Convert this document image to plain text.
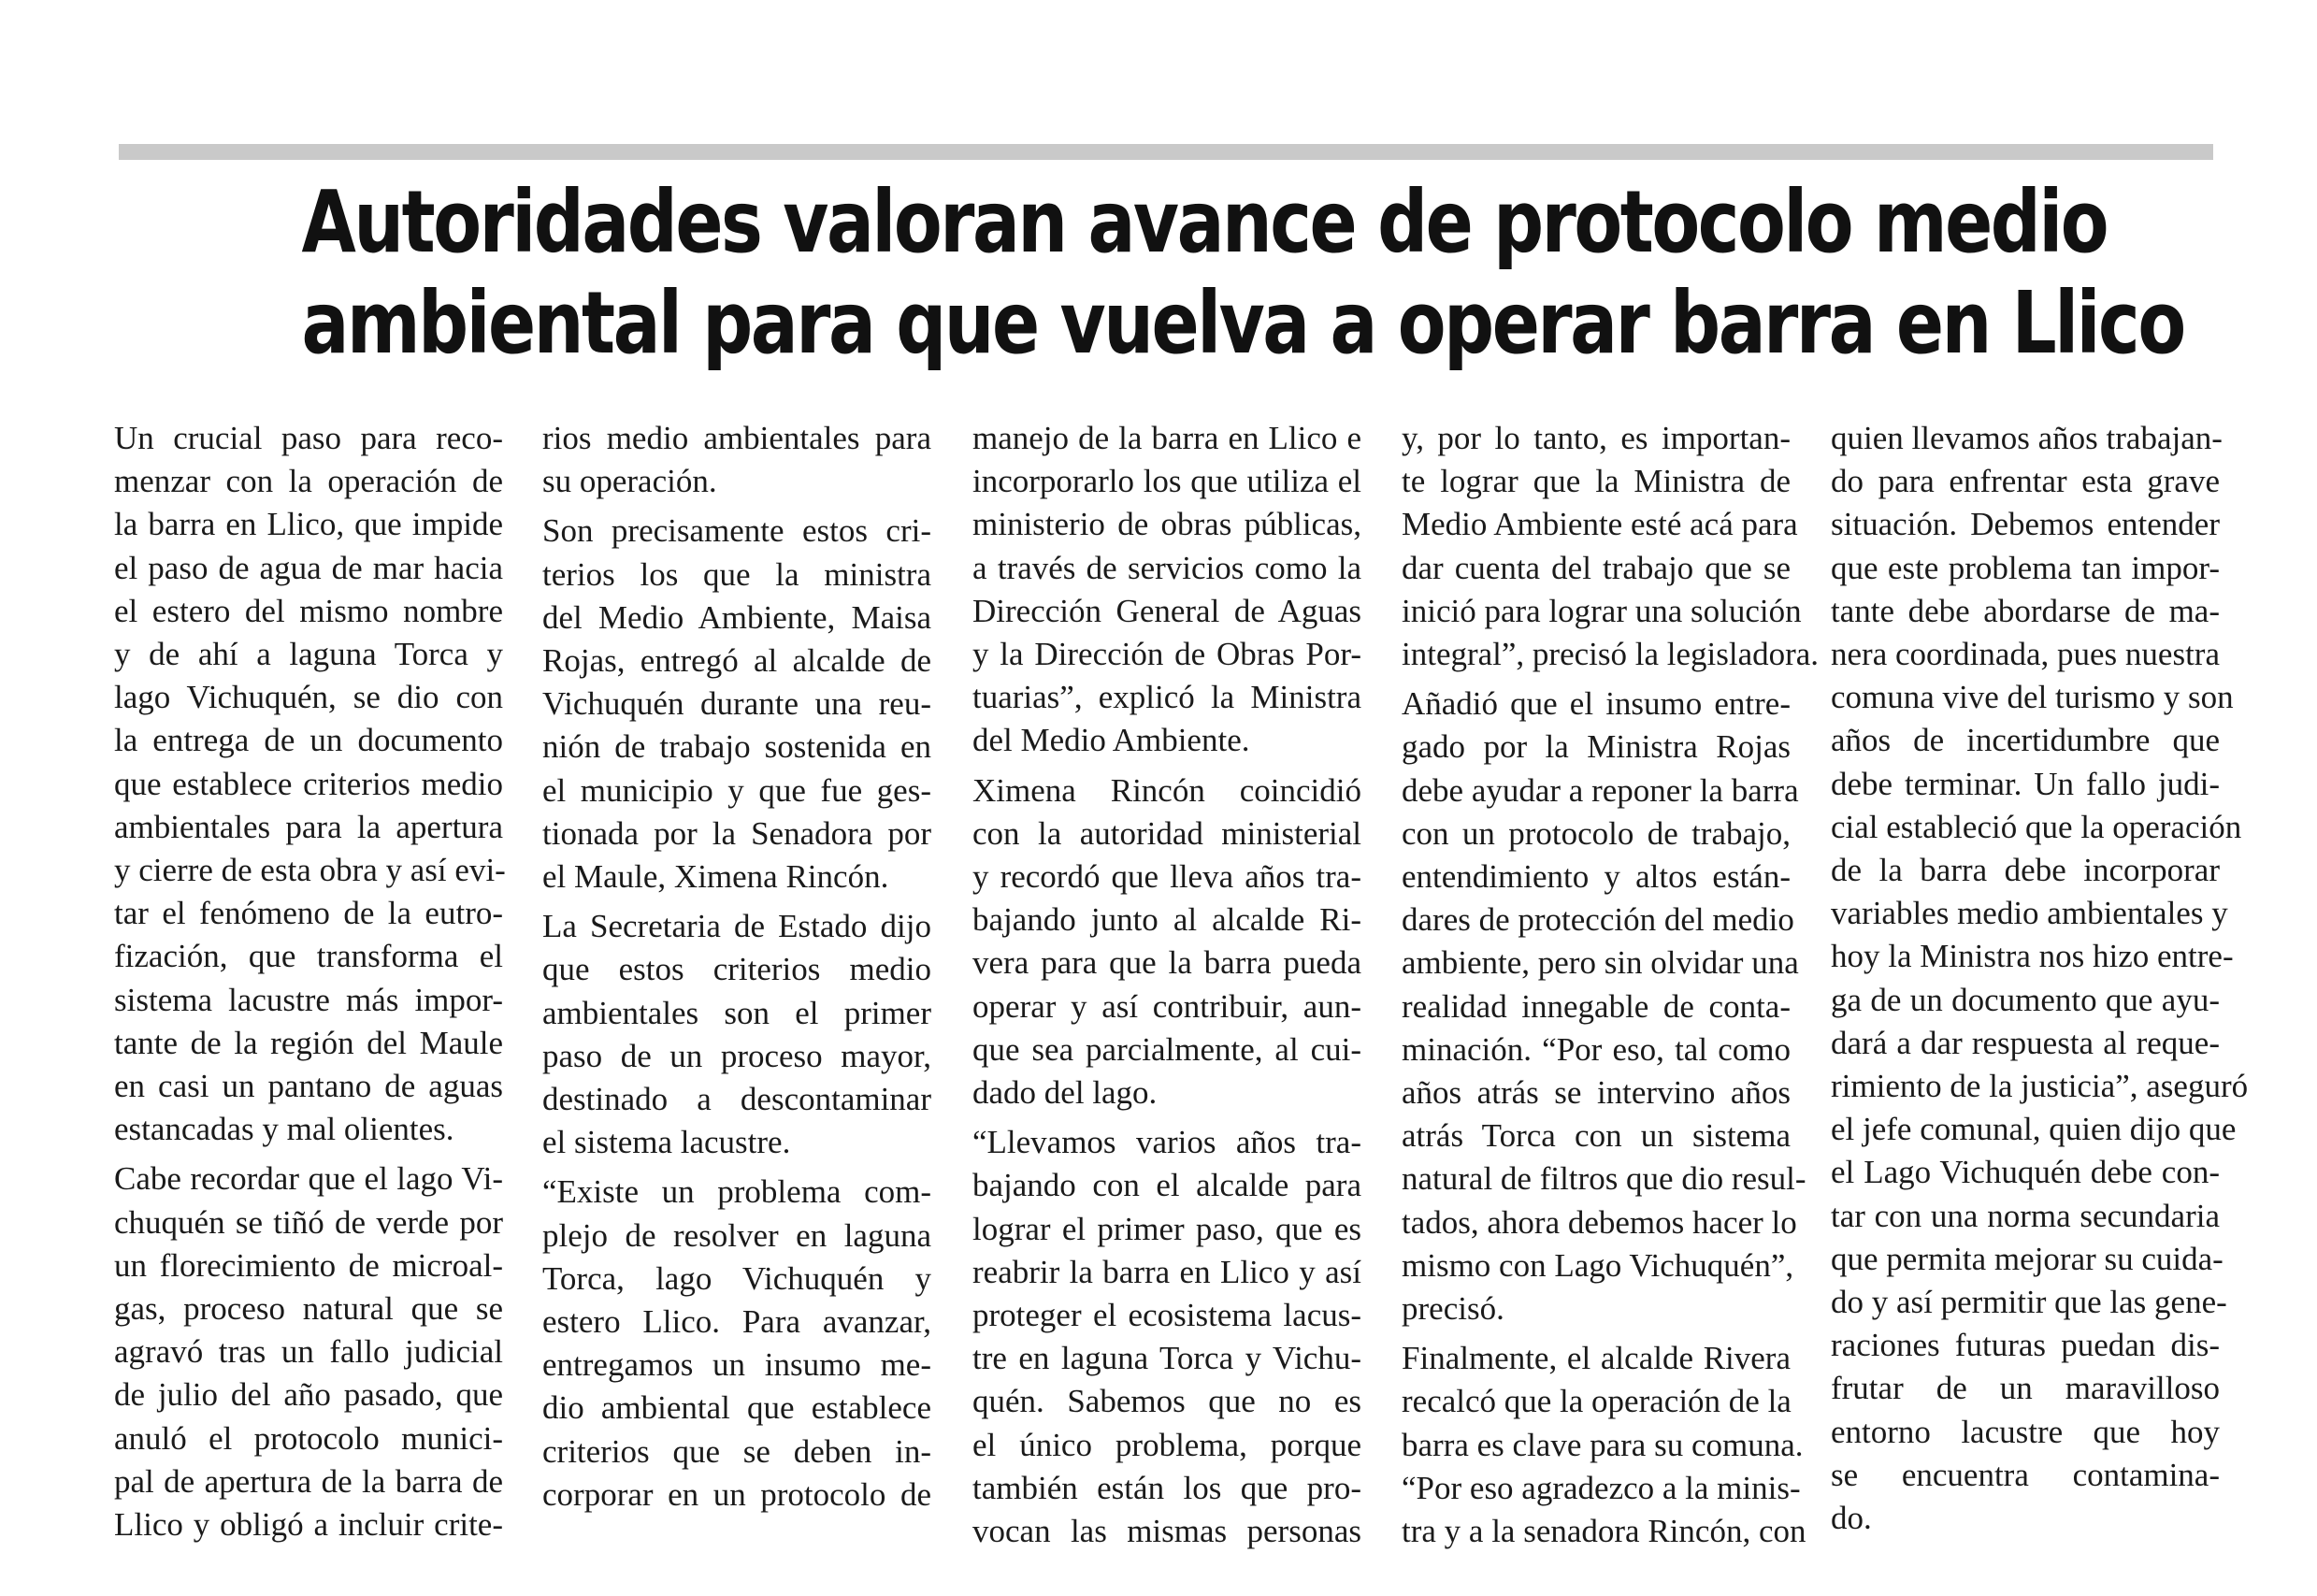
Autoridades valoran avance de protocolo medio
ambiental para que vuelva a operar barra en Llico

Un crucial paso para reco-
menzar con la operación de
la barra en Llico, que impide
el paso de agua de mar hacia
el estero del mismo nombre
y de ahí a laguna Torca y
lago Vichuquén, se dio con
la entrega de un documento
que establece criterios medio
ambientales para la apertura
y cierre de esta obra y así evi-
tar el fenómeno de la eutro-
fización, que transforma el
sistema lacustre más impor-
tante de la región del Maule
en casi un pantano de aguas
estancadas y mal olientes.

Cabe recordar que el lago Vi-
chuquén se tiñó de verde por
un florecimiento de microal-
gas, proceso natural que se
agravó tras un fallo judicial
de julio del año pasado, que
anuló el protocolo munici-
pal de apertura de la barra de
Llico y obligó a incluir crite-

rios medio ambientales para
su operación.

Son precisamente estos cri-
terios los que la ministra
del Medio Ambiente, Maisa
Rojas, entregó al alcalde de
Vichuquén durante una reu-
nión de trabajo sostenida en
el municipio y que fue ges-
tionada por la Senadora por
el Maule, Ximena Rincón.

La Secretaria de Estado dijo
que estos criterios medio
ambientales son el primer
paso de un proceso mayor,
destinado a descontaminar
el sistema lacustre.

“Existe un problema com-
plejo de resolver en laguna
Torca, lago Vichuquén y
estero Llico. Para avanzar,
entregamos un insumo me-
dio ambiental que establece
criterios que se deben in-
corporar en un protocolo de

manejo de la barra en Llico e
incorporarlo los que utiliza el
ministerio de obras públicas,
a través de servicios como la
Dirección General de Aguas
y la Dirección de Obras Por-
tuarias”, explicó la Ministra
del Medio Ambiente.

Ximena Rincón coincidió
con la autoridad ministerial
y recordó que lleva años tra-
bajando junto al alcalde Ri-
vera para que la barra pueda
operar y así contribuir, aun-
que sea parcialmente, al cui-
dado del lago.

“Llevamos varios años tra-
bajando con el alcalde para
lograr el primer paso, que es
reabrir la barra en Llico y así
proteger el ecosistema lacus-
tre en laguna Torca y Vichu-
quén. Sabemos que no es
el único problema, porque
también están los que pro-
vocan las mismas personas

y, por lo tanto, es importan-
te lograr que la Ministra de
Medio Ambiente esté acá para
dar cuenta del trabajo que se
inició para lograr una solución
integral”, precisó la legisladora.

Añadió que el insumo entre-
gado por la Ministra Rojas
debe ayudar a reponer la barra
con un protocolo de trabajo,
entendimiento y altos están-
dares de protección del medio
ambiente, pero sin olvidar una
realidad innegable de conta-
minación. “Por eso, tal como
años atrás se intervino años
atrás Torca con un sistema
natural de filtros que dio resul-
tados, ahora debemos hacer lo
mismo con Lago Vichuquén”,
precisó.

Finalmente, el alcalde Rivera
recalcó que la operación de la
barra es clave para su comuna.
“Por eso agradezco a la minis-
tra y a la senadora Rincón, con

quien llevamos años trabajan-
do para enfrentar esta grave
situación. Debemos entender
que este problema tan impor-
tante debe abordarse de ma-
nera coordinada, pues nuestra
comuna vive del turismo y son
años de incertidumbre que
debe terminar. Un fallo judi-
cial estableció que la operación
de la barra debe incorporar
variables medio ambientales y
hoy la Ministra nos hizo entre-
ga de un documento que ayu-
dará a dar respuesta al reque-
rimiento de la justicia”, aseguró
el jefe comunal, quien dijo que
el Lago Vichuquén debe con-
tar con una norma secundaria
que permita mejorar su cuida-
do y así permitir que las gene-
raciones futuras puedan dis-
frutar de un maravilloso
entorno lacustre que hoy
se encuentra contamina-
do.
